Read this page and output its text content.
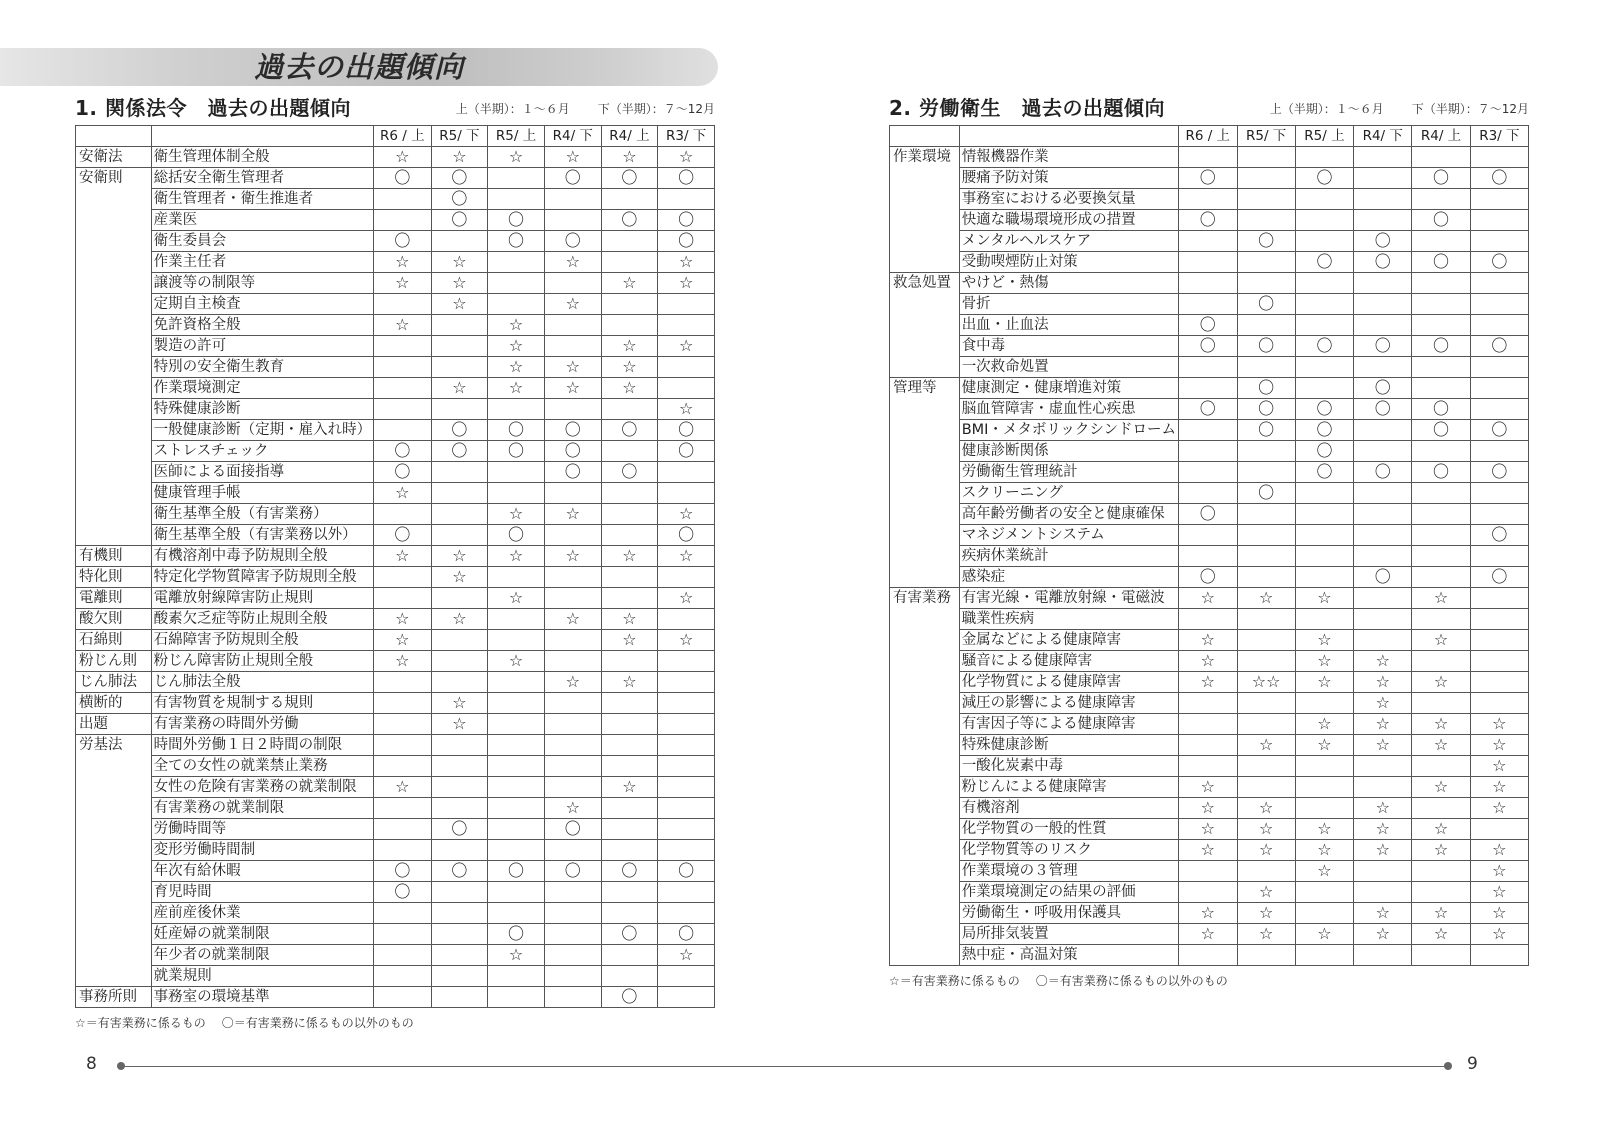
過去の出題傾向
1. 関係法令　過去の出題傾向	上（半期）：１～６月 下（半期）：７～12月
		R6 / 上	R5/ 下	R5/ 上	R4/ 下	R4/ 上	R3/ 下
安衛法	衛生管理体制全般	☆	☆	☆	☆	☆	☆
安衛則	総括安全衛生管理者	〇	〇		〇	〇	〇
	衛生管理者・衛生推進者		〇				
	産業医		〇	〇		〇	〇
	衛生委員会	〇		〇	〇		〇
	作業主任者	☆	☆		☆		☆
	譲渡等の制限等	☆	☆			☆	☆
	定期自主検査		☆		☆		
	免許資格全般	☆		☆			
	製造の許可			☆		☆	☆
	特別の安全衛生教育			☆	☆	☆	
	作業環境測定		☆	☆	☆	☆	
	特殊健康診断						☆
	一般健康診断（定期・雇入れ時）		〇	〇	〇	〇	〇
	ストレスチェック	〇	〇	〇	〇		〇
	医師による面接指導	〇			〇	〇	
	健康管理手帳	☆					
	衛生基準全般（有害業務）			☆	☆		☆
	衛生基準全般（有害業務以外）	〇		〇			〇
有機則	有機溶剤中毒予防規則全般	☆	☆	☆	☆	☆	☆
特化則	特定化学物質障害予防規則全般		☆				
電離則	電離放射線障害防止規則			☆			☆
酸欠則	酸素欠乏症等防止規則全般	☆	☆		☆	☆	
石綿則	石綿障害予防規則全般	☆				☆	☆
粉じん則	粉じん障害防止規則全般	☆		☆			
じん肺法	じん肺法全般				☆	☆	
横断的	有害物質を規制する規則		☆				
出題	有害業務の時間外労働		☆				
労基法	時間外労働１日２時間の制限						
	全ての女性の就業禁止業務						
	女性の危険有害業務の就業制限	☆				☆	
	有害業務の就業制限				☆		
	労働時間等		〇		〇		
	変形労働時間制						
	年次有給休暇	〇	〇	〇	〇	〇	〇
	育児時間	〇					
	産前産後休業						
	妊産婦の就業制限			〇		〇	〇
	年少者の就業制限			☆			☆
	就業規則						
事務所則	事務室の環境基準					〇	
☆＝有害業務に係るもの 〇＝有害業務に係るもの以外のもの
2. 労働衛生　過去の出題傾向	上（半期）：１～６月 下（半期）：７～12月
		R6 / 上	R5/ 下	R5/ 上	R4/ 下	R4/ 上	R3/ 下
作業環境	情報機器作業						
	腰痛予防対策	〇		〇		〇	〇
	事務室における必要換気量						
	快適な職場環境形成の措置	〇				〇	
	メンタルヘルスケア		〇		〇		
	受動喫煙防止対策			〇	〇	〇	〇
救急処置	やけど・熱傷						
	骨折		〇				
	出血・止血法	〇					
	食中毒	〇	〇	〇	〇	〇	〇
	一次救命処置						
管理等	健康測定・健康増進対策		〇		〇		
	脳血管障害・虚血性心疾患	〇	〇	〇	〇	〇	
	BMI・メタボリックシンドローム		〇	〇		〇	〇
	健康診断関係			〇			
	労働衛生管理統計			〇	〇	〇	〇
	スクリーニング		〇				
	高年齢労働者の安全と健康確保	〇					
	マネジメントシステム						〇
	疾病休業統計						
	感染症	〇			〇		〇
有害業務	有害光線・電離放射線・電磁波	☆	☆	☆		☆	
	職業性疾病						
	金属などによる健康障害	☆		☆		☆	
	騒音による健康障害	☆		☆	☆		
	化学物質による健康障害	☆	☆☆	☆	☆	☆	
	減圧の影響による健康障害				☆		
	有害因子等による健康障害			☆	☆	☆	☆
	特殊健康診断		☆	☆	☆	☆	☆
	一酸化炭素中毒						☆
	粉じんによる健康障害	☆				☆	☆
	有機溶剤	☆	☆		☆		☆
	化学物質の一般的性質	☆	☆	☆	☆	☆	
	化学物質等のリスク	☆	☆	☆	☆	☆	☆
	作業環境の３管理			☆			☆
	作業環境測定の結果の評価		☆				☆
	労働衛生・呼吸用保護具	☆	☆		☆	☆	☆
	局所排気装置	☆	☆	☆	☆	☆	☆
	熱中症・高温対策						
☆＝有害業務に係るもの 〇＝有害業務に係るもの以外のもの
8	9
